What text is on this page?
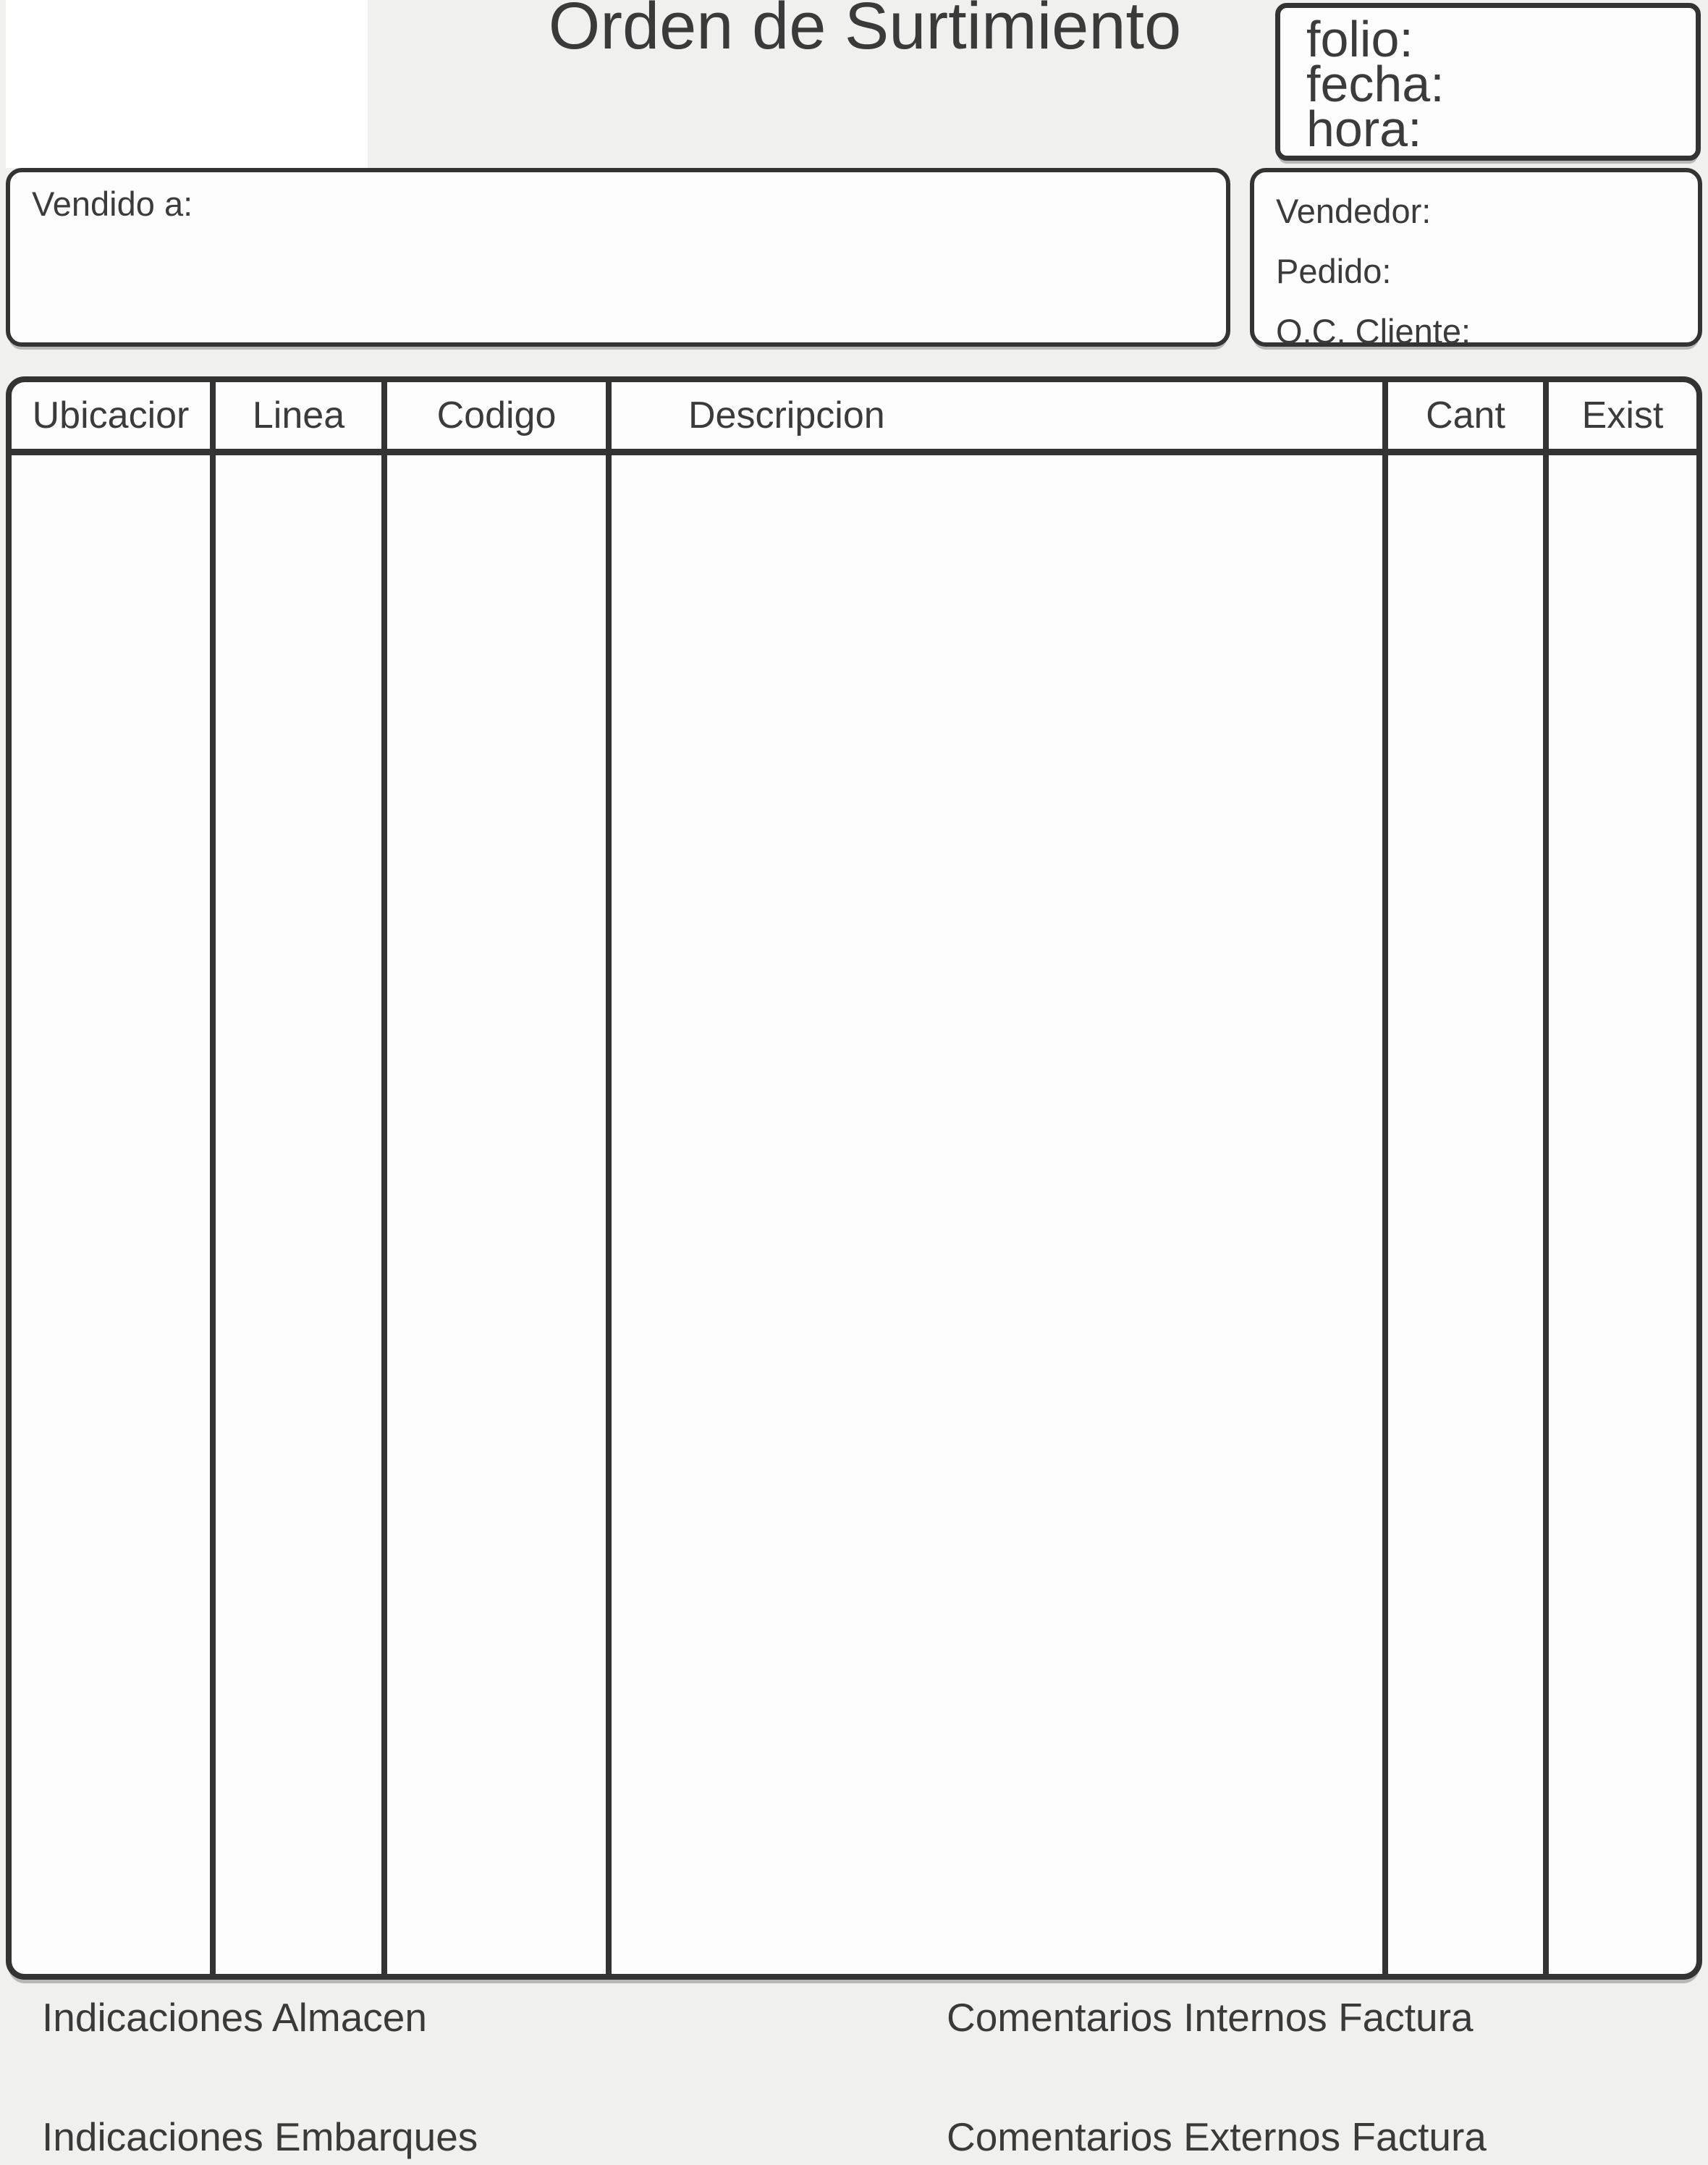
Orden de Surtimiento folio:
fecha:
hora:
Vendido a:	Vendedor:
Pedido:
O.C. Cliente:
Ubicacior	Linea	Codigo	Descripcion	Cant	Exist
Indicaciones Almacen	Comentarios Internos Factura
Indicaciones Embarques	Comentarios Externos Factura
